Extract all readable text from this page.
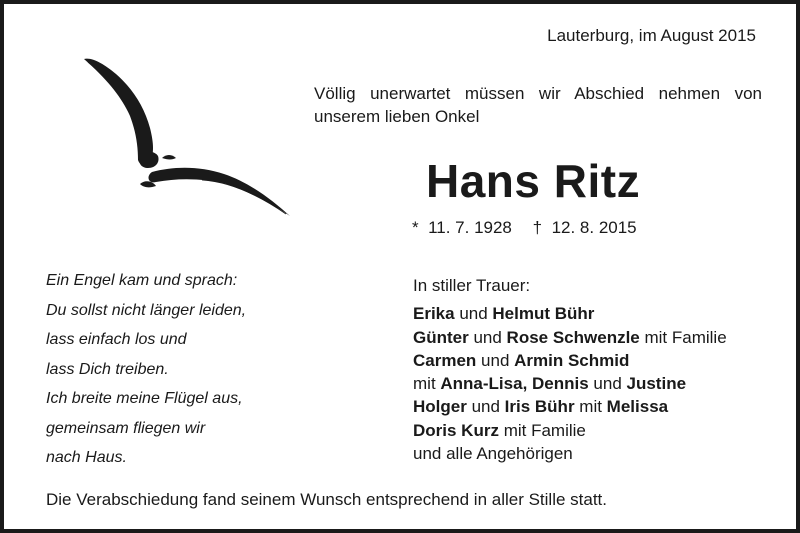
Lauterburg, im August 2015
Völlig unerwartet müssen wir Abschied nehmen von unserem lieben Onkel
Hans Ritz
* 11. 7. 1928 † 12. 8. 2015
Ein Engel kam und sprach:
Du sollst nicht länger leiden,
lass einfach los und
lass Dich treiben.
Ich breite meine Flügel aus,
gemeinsam fliegen wir
nach Haus.
In stiller Trauer:
Erika und Helmut Bühr
Günter und Rose Schwenzle mit Familie
Carmen und Armin Schmid
mit Anna-Lisa, Dennis und Justine
Holger und Iris Bühr mit Melissa
Doris Kurz mit Familie
und alle Angehörigen
Die Verabschiedung fand seinem Wunsch entsprechend in aller Stille statt.
